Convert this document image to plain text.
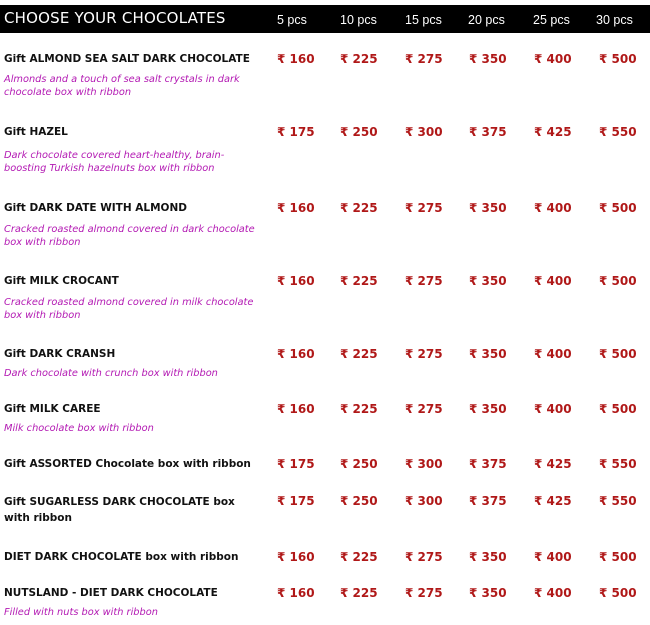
CHOOSE YOUR CHOCOLATES	5 pcs	10 pcs 15 pcs 20 pcs 25 pcs 30 pcs
Gift ALMOND SEA SALT DARK CHOCOLATE
Almonds and a touch of sea salt crystals in dark chocolate box with ribbon
₹ 160 ₹ 225 ₹ 275 ₹ 350 ₹ 400 ₹ 500
Gift HAZEL
Dark chocolate covered heart-healthy, brain-boosting Turkish hazelnuts box with ribbon
₹ 175 ₹ 250 ₹ 300 ₹ 375 ₹ 425 ₹ 550
Gift DARK DATE WITH ALMOND
Cracked roasted almond covered in dark chocolate box with ribbon
₹ 160 ₹ 225 ₹ 275 ₹ 350 ₹ 400 ₹ 500
Gift MILK CROCANT
Cracked roasted almond covered in milk chocolate box with ribbon
₹ 160 ₹ 225 ₹ 275 ₹ 350 ₹ 400 ₹ 500
Gift DARK CRANSH
Dark chocolate with crunch box with ribbon
₹ 160 ₹ 225 ₹ 275 ₹ 350 ₹ 400 ₹ 500
Gift MILK CAREE
Milk chocolate box with ribbon
₹ 160 ₹ 225 ₹ 275 ₹ 350 ₹ 400 ₹ 500
Gift ASSORTED Chocolate box with ribbon	₹ 175 ₹ 250 ₹ 300 ₹ 375 ₹ 425 ₹ 550
Gift SUGARLESS DARK CHOCOLATE box with ribbon
₹ 175 ₹ 250 ₹ 300 ₹ 375 ₹ 425 ₹ 550
DIET DARK CHOCOLATE box with ribbon	₹ 160 ₹ 225 ₹ 275 ₹ 350 ₹ 400 ₹ 500
NUTSLAND - DIET DARK CHOCOLATE
Filled with nuts box with ribbon
₹ 160 ₹ 225 ₹ 275 ₹ 350 ₹ 400 ₹ 500
